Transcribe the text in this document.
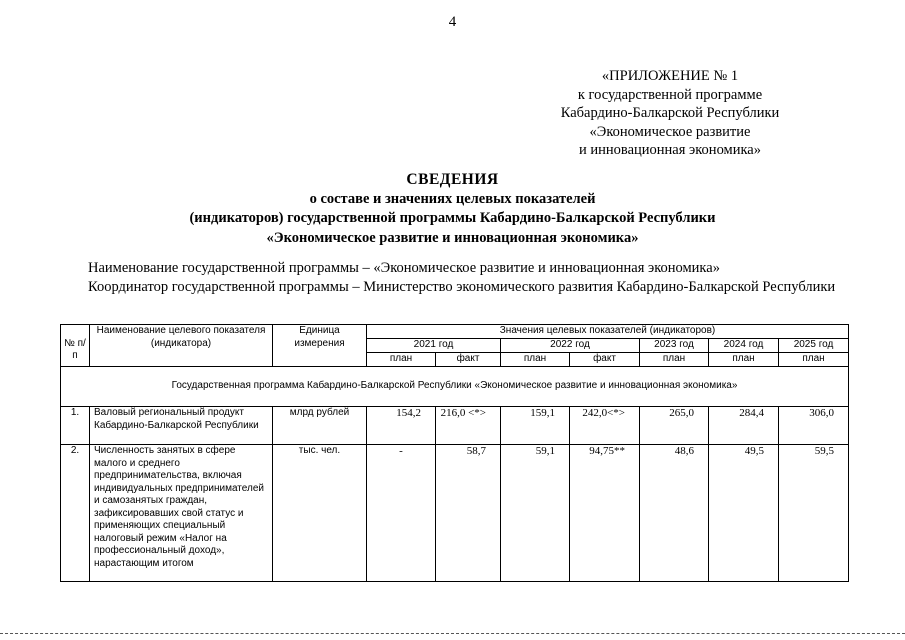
4
«ПРИЛОЖЕНИЕ № 1
к государственной программе
Кабардино-Балкарской Республики
«Экономическое развитие
и инновационная экономика»
СВЕДЕНИЯ
о составе и значениях целевых показателей
(индикаторов) государственной программы Кабардино-Балкарской Республики
«Экономическое развитие и инновационная экономика»
Наименование государственной программы – «Экономическое развитие и инновационная экономика»
Координатор государственной программы – Министерство экономического развития Кабардино-Балкарской Республики

№ п/п	Наименование целевого показателя (индикатора)	Единица измерения	Значения целевых показателей (индикаторов)						
			2021 год		2022 год		2023 год	2024 год	2025 год
			план	факт	план	факт	план	план	план
Государственная программа Кабардино-Балкарской Республики «Экономическое развитие и инновационная экономика»									
1.	Валовый региональный продукт Кабардино-Балкарской Республики	млрд рублей	154,2	216,0 <*>	159,1	242,0<*>	265,0	284,4	306,0
2.	Численность занятых в сфере малого и среднего предпринимательства, включая индивидуальных предпринимателей и самозанятых граждан, зафиксировавших свой статус и применяющих специальный налоговый режим «Налог на профессиональный доход», нарастающим итогом	тыс. чел.	-	58,7	59,1	94,75**	48,6	49,5	59,5
